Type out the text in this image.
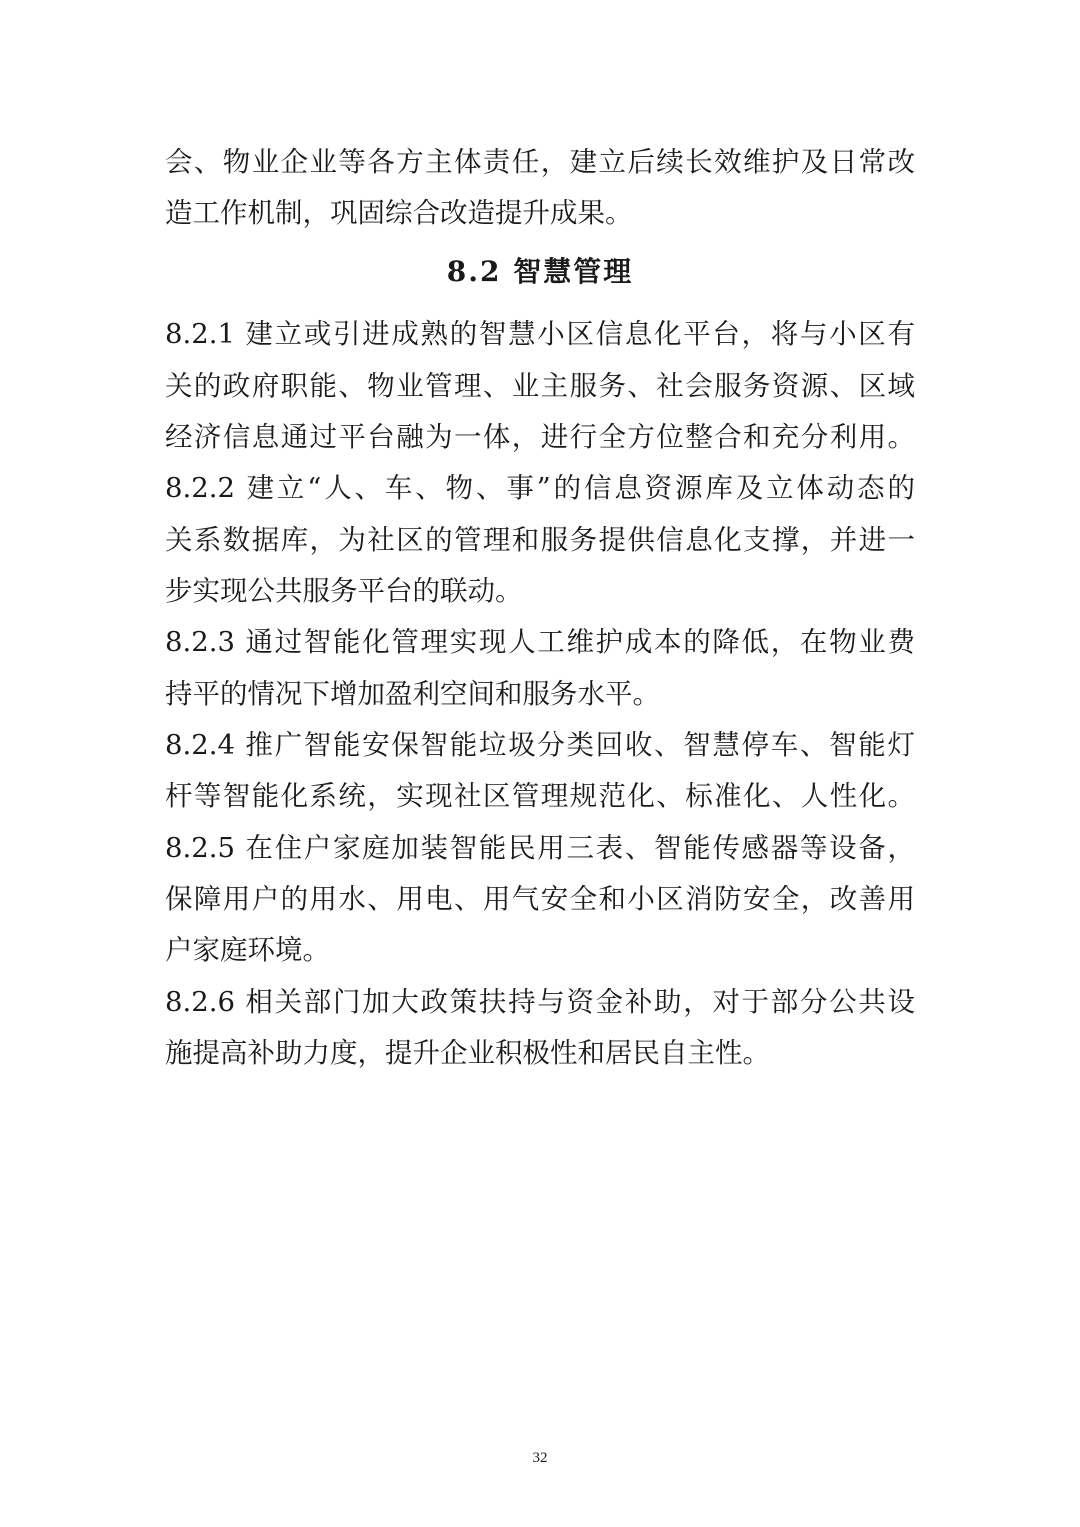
会、物业企业等各方主体责任，建立后续长效维护及日常改
造工作机制，巩固综合改造提升成果。
8.2 智慧管理
8.2.1 建立或引进成熟的智慧小区信息化平台，将与小区有
关的政府职能、物业管理、业主服务、社会服务资源、区域
经济信息通过平台融为一体，进行全方位整合和充分利用。
8.2.2 建立“人、车、物、事”的信息资源库及立体动态的
关系数据库，为社区的管理和服务提供信息化支撑，并进一
步实现公共服务平台的联动。
8.2.3 通过智能化管理实现人工维护成本的降低，在物业费
持平的情况下增加盈利空间和服务水平。
8.2.4 推广智能安保智能垃圾分类回收、智慧停车、智能灯
杆等智能化系统，实现社区管理规范化、标准化、人性化。
8.2.5 在住户家庭加装智能民用三表、智能传感器等设备，
保障用户的用水、用电、用气安全和小区消防安全，改善用
户家庭环境。
8.2.6 相关部门加大政策扶持与资金补助，对于部分公共设
施提高补助力度，提升企业积极性和居民自主性。
32
